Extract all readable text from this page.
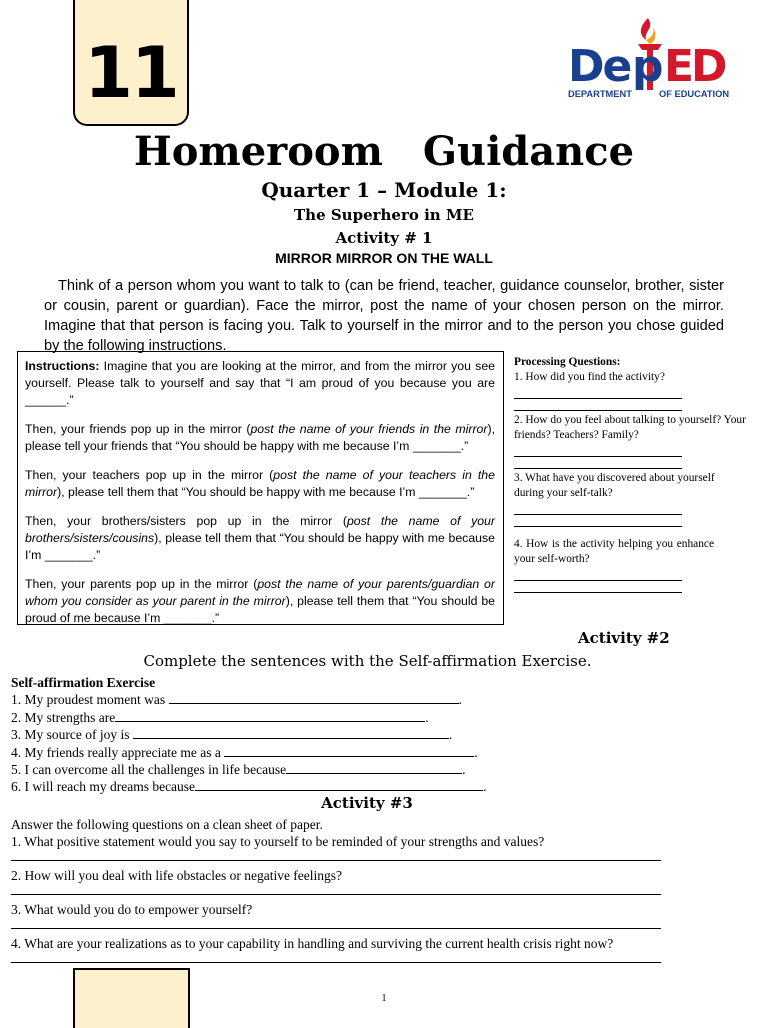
11	De p ED
DEPARTMENT	OF EDUCATION
Homeroom Guidance
Quarter 1 – Module 1:
The Superhero in ME
Activity # 1
MIRROR MIRROR ON THE WALL
Think of a person whom you want to talk to (can be friend, teacher, guidance counselor, brother, sister or cousin, parent or guardian). Face the mirror, post the name of your chosen person on the mirror. Imagine that that person is facing you. Talk to yourself in the mirror and to the person you chose guided by the following instructions.

Instructions: Imagine that you are looking at the mirror, and from the mirror you see yourself. Please talk to yourself and say that “I am proud of you because you are ______.”

Then, your friends pop up in the mirror (post the name of your friends in the mirror), please tell your friends that “You should be happy with me because I’m _______.”

Then, your teachers pop up in the mirror (post the name of your teachers in the mirror), please tell them that “You should be happy with me because I’m _______.”

Then, your brothers/sisters pop up in the mirror (post the name of your brothers/sisters/cousins), please tell them that “You should be happy with me because I’m _______.”

Then, your parents pop up in the mirror (post the name of your parents/guardian or whom you consider as your parent in the mirror), please tell them that “You should be proud of me because I’m _______.”

Processing Questions:
1. How did you find the activity?
2. How do you feel about talking to yourself? Your friends? Teachers? Family?
3. What have you discovered about yourself during your self-talk?
4. How is the activity helping you enhance your self-worth?
Activity #2
Complete the sentences with the Self-affirmation Exercise.
Self-affirmation Exercise
1. My proudest moment was	.
2. My strengths are	.
3. My source of joy is	.
4. My friends really appreciate me as a	.
5. I can overcome all the challenges in life because	.
6. I will reach my dreams because	.
Activity #3
Answer the following questions on a clean sheet of paper.
1. What positive statement would you say to yourself to be reminded of your strengths and values?
2. How will you deal with life obstacles or negative feelings?
3. What would you do to empower yourself?
4. What are your realizations as to your capability in handling and surviving the current health crisis right now?
1
